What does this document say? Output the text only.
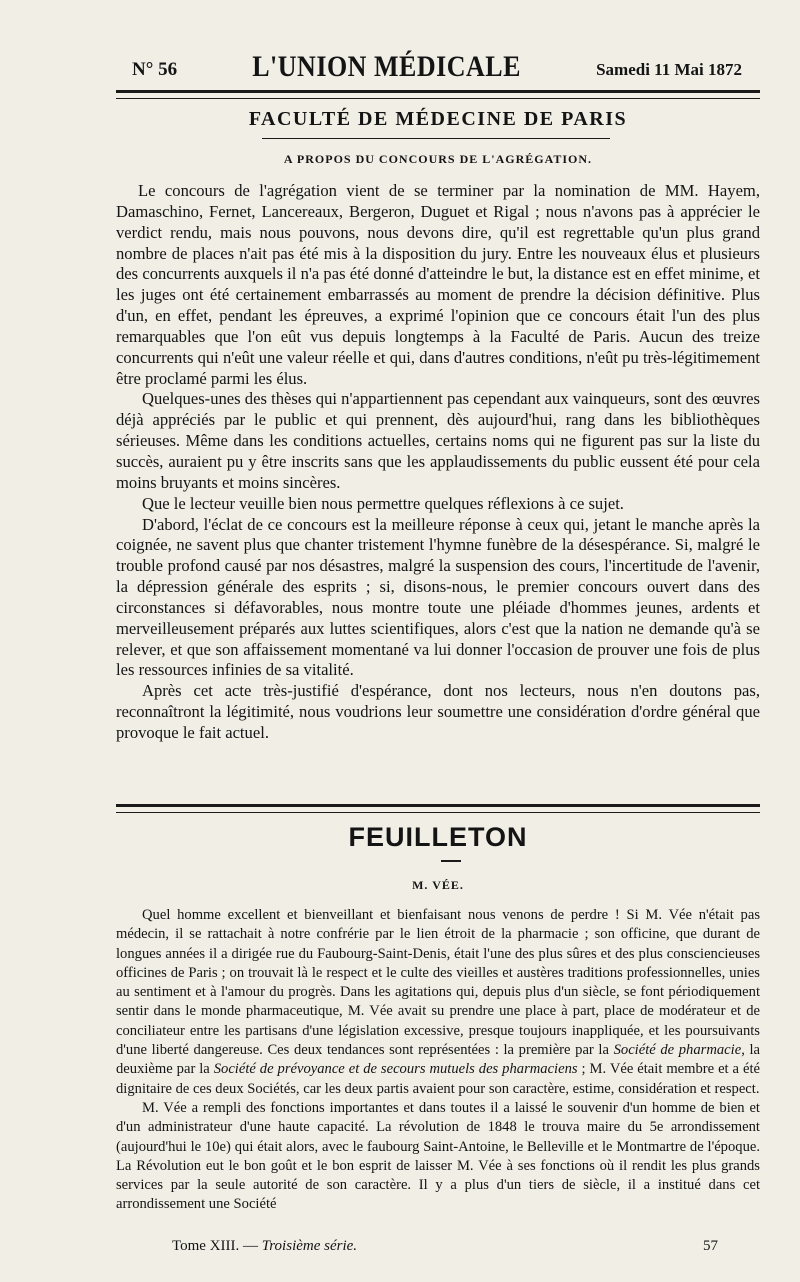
N° 56	L'UNION MÉDICALE	Samedi 11 Mai 1872
FACULTÉ DE MÉDECINE DE PARIS
A PROPOS DU CONCOURS DE L'AGRÉGATION.

Le concours de l'agrégation vient de se terminer par la nomination de MM. Hayem, Damaschino, Fernet, Lancereaux, Bergeron, Duguet et Rigal ; nous n'avons pas à apprécier le verdict rendu, mais nous pouvons, nous devons dire, qu'il est regrettable qu'un plus grand nombre de places n'ait pas été mis à la disposition du jury. Entre les nouveaux élus et plusieurs des concurrents auxquels il n'a pas été donné d'atteindre le but, la distance est en effet minime, et les juges ont été certainement embarrassés au moment de prendre la décision définitive. Plus d'un, en effet, pendant les épreuves, a exprimé l'opinion que ce concours était l'un des plus remarquables que l'on eût vus depuis longtemps à la Faculté de Paris. Aucun des treize concurrents qui n'eût une valeur réelle et qui, dans d'autres conditions, n'eût pu très-légitimement être proclamé parmi les élus.

Quelques-unes des thèses qui n'appartiennent pas cependant aux vainqueurs, sont des œuvres déjà appréciés par le public et qui prennent, dès aujourd'hui, rang dans les bibliothèques sérieuses. Même dans les conditions actuelles, certains noms qui ne figurent pas sur la liste du succès, auraient pu y être inscrits sans que les applaudissements du public eussent été pour cela moins bruyants et moins sincères.

Que le lecteur veuille bien nous permettre quelques réflexions à ce sujet.

D'abord, l'éclat de ce concours est la meilleure réponse à ceux qui, jetant le manche après la coignée, ne savent plus que chanter tristement l'hymne funèbre de la désespérance. Si, malgré le trouble profond causé par nos désastres, malgré la suspension des cours, l'incertitude de l'avenir, la dépression générale des esprits ; si, disons-nous, le premier concours ouvert dans des circonstances si défavorables, nous montre toute une pléiade d'hommes jeunes, ardents et merveilleusement préparés aux luttes scientifiques, alors c'est que la nation ne demande qu'à se relever, et que son affaissement momentané va lui donner l'occasion de prouver une fois de plus les ressources infinies de sa vitalité.

Après cet acte très-justifié d'espérance, dont nos lecteurs, nous n'en doutons pas, reconnaîtront la légitimité, nous voudrions leur soumettre une considération d'ordre général que provoque le fait actuel.

FEUILLETON
M. VÉE.

Quel homme excellent et bienveillant et bienfaisant nous venons de perdre ! Si M. Vée n'était pas médecin, il se rattachait à notre confrérie par le lien étroit de la pharmacie ; son officine, que durant de longues années il a dirigée rue du Faubourg-Saint-Denis, était l'une des plus sûres et des plus consciencieuses officines de Paris ; on trouvait là le respect et le culte des vieilles et austères traditions professionnelles, unies au sentiment et à l'amour du progrès. Dans les agitations qui, depuis plus d'un siècle, se font périodiquement sentir dans le monde pharmaceutique, M. Vée avait su prendre une place à part, place de modérateur et de conciliateur entre les partisans d'une législation excessive, presque toujours inappliquée, et les poursuivants d'une liberté dangereuse. Ces deux tendances sont représentées : la première par la Société de pharmacie, la deuxième par la Société de prévoyance et de secours mutuels des pharmaciens ; M. Vée était membre et a été dignitaire de ces deux Sociétés, car les deux partis avaient pour son caractère, estime, considération et respect.

M. Vée a rempli des fonctions importantes et dans toutes il a laissé le souvenir d'un homme de bien et d'un administrateur d'une haute capacité. La révolution de 1848 le trouva maire du 5e arrondissement (aujourd'hui le 10e) qui était alors, avec le faubourg Saint-Antoine, le Belleville et le Montmartre de l'époque. La Révolution eut le bon goût et le bon esprit de laisser M. Vée à ses fonctions où il rendit les plus grands services par la seule autorité de son caractère. Il y a plus d'un tiers de siècle, il a institué dans cet arrondissement une Société

Tome XIII. — Troisième série.	57
